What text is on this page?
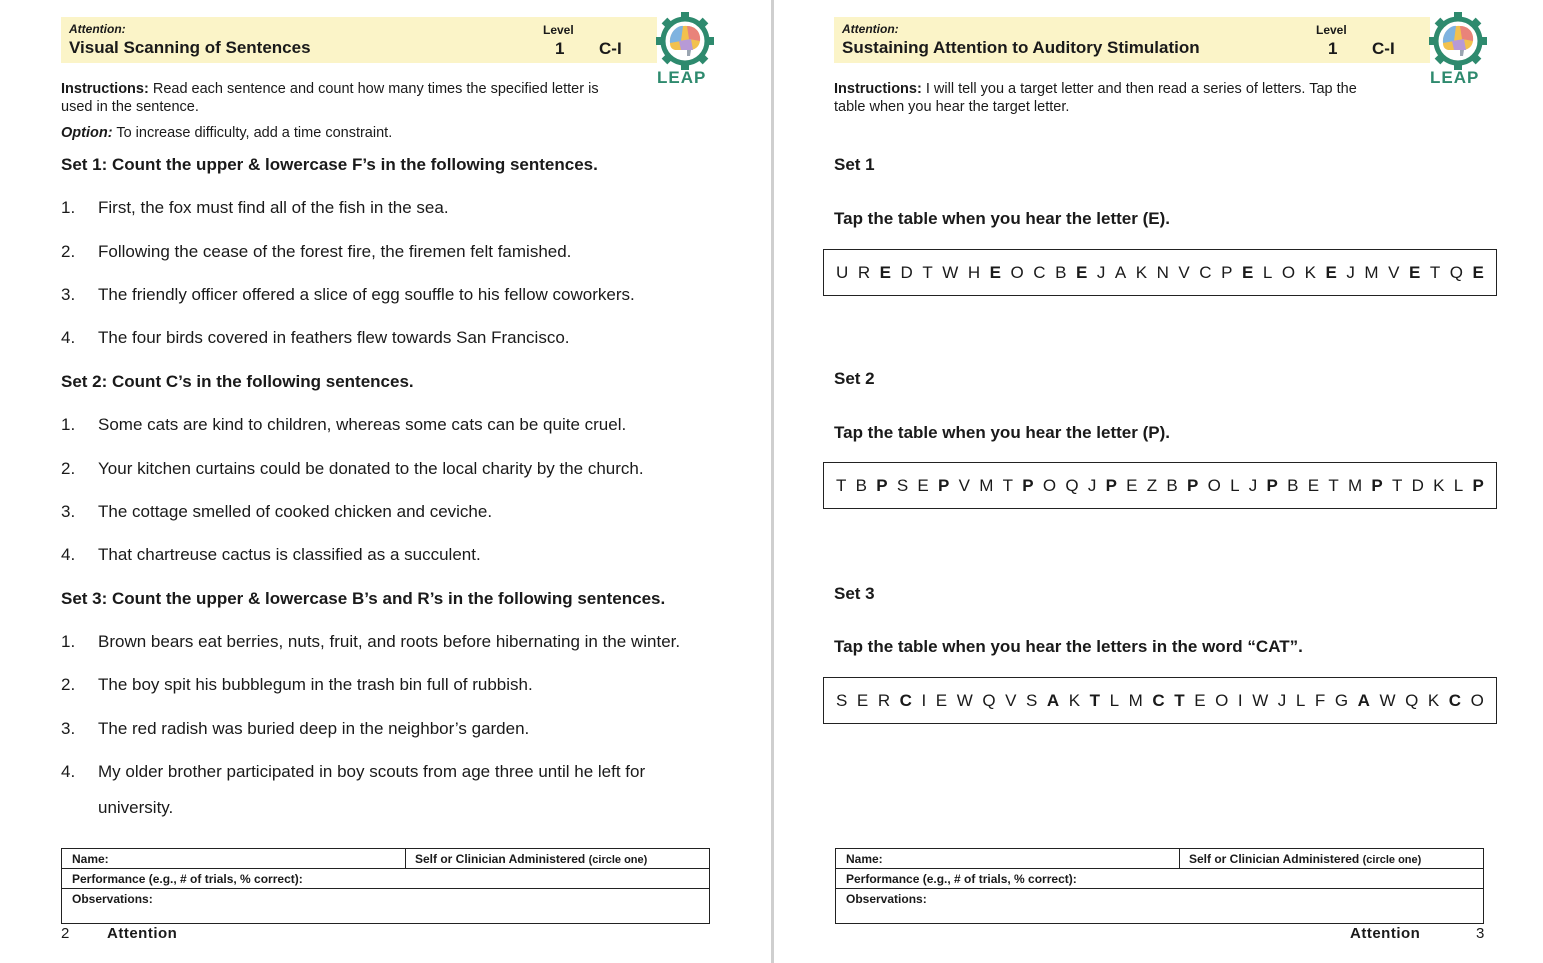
Attention:
Visual Scanning of Sentences
Level
1 C-I
LEAP
Instructions: Read each sentence and count how many times the specified letter is
used in the sentence.
Option: To increase difficulty, add a time constraint.
Set 1: Count the upper & lowercase F’s in the following sentences.
1. First, the fox must find all of the fish in the sea.
2. Following the cease of the forest fire, the firemen felt famished.
3. The friendly officer offered a slice of egg souffle to his fellow coworkers.
4. The four birds covered in feathers flew towards San Francisco.
Set 2: Count C’s in the following sentences.
1. Some cats are kind to children, whereas some cats can be quite cruel.
2. Your kitchen curtains could be donated to the local charity by the church.
3. The cottage smelled of cooked chicken and ceviche.
4. That chartreuse cactus is classified as a succulent.
Set 3: Count the upper & lowercase B’s and R’s in the following sentences.
1. Brown bears eat berries, nuts, fruit, and roots before hibernating in the winter.
2. The boy spit his bubblegum in the trash bin full of rubbish.
3. The red radish was buried deep in the neighbor’s garden.
4. My older brother participated in boy scouts from age three until he left for
university.
Name:	Self or Clinician Administered (circle one)
Performance (e.g., # of trials, % correct):
Observations:
2	Attention
Attention:
Sustaining Attention to Auditory Stimulation
Level
1 C-I
LEAP
Instructions: I will tell you a target letter and then read a series of letters. Tap the
table when you hear the target letter.
Set 1
Tap the table when you hear the letter (E).
U R E D T W H E O C B E J A K N V C P E L O K E J M V E T Q E
Set 2
Tap the table when you hear the letter (P).
T B P S E P V M T P O Q J P E Z B P O L J P B E T M P T D K L P
Set 3
Tap the table when you hear the letters in the word “CAT”.
S E R C I E W Q V S A K T L M C T E O I W J L F G A W Q K C O
Name:	Self or Clinician Administered (circle one)
Performance (e.g., # of trials, % correct):
Observations:
Attention	3
